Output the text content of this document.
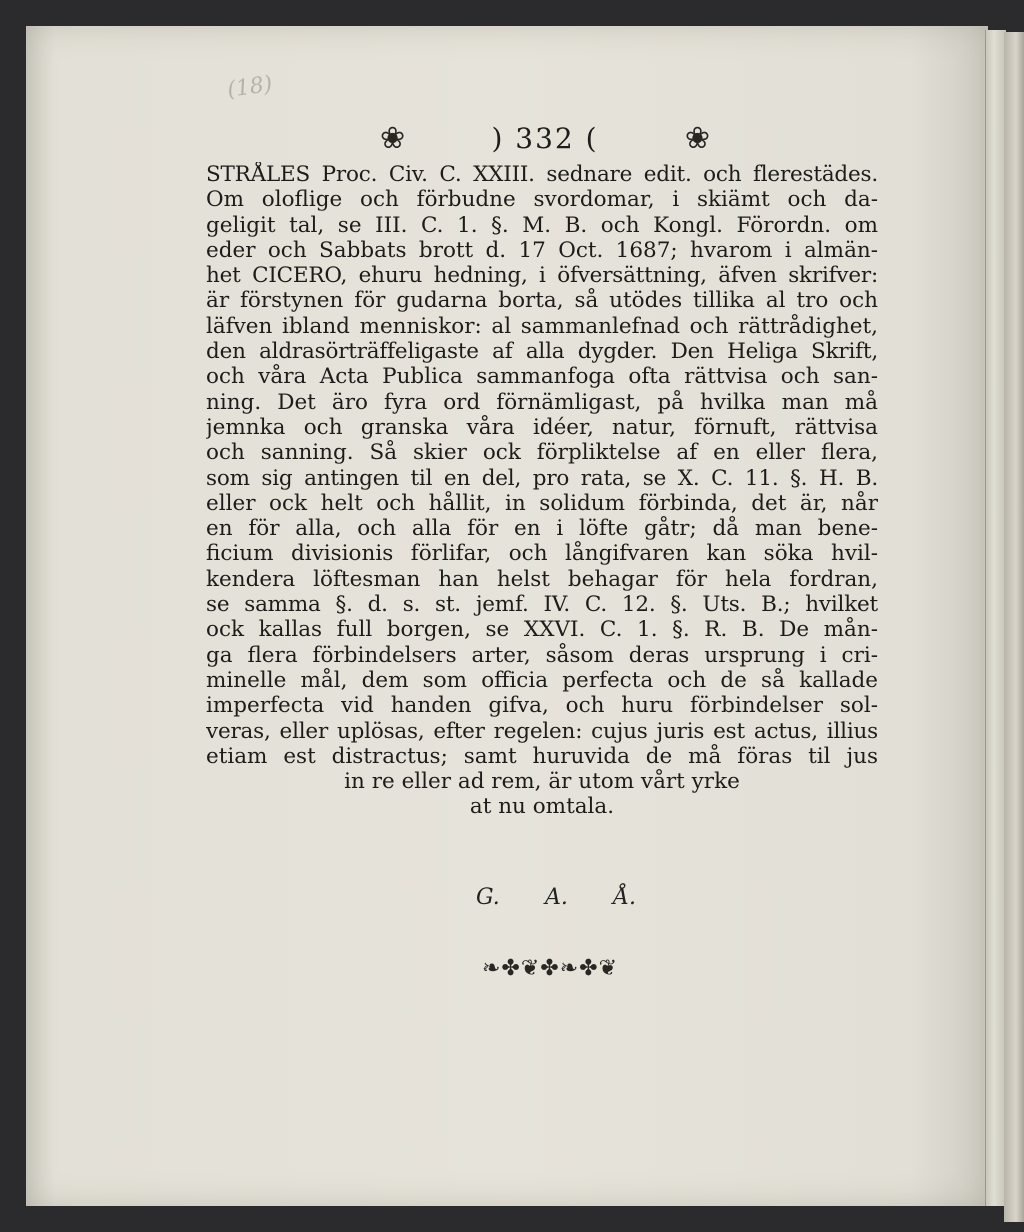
(18)
❀	) 332 (	❀
STRÅLES Proc. Civ. C. XXIII. sednare edit. och flerestädes.
Om oloflige och förbudne svordomar, i skiämt och da-
geligit tal, se III. C. 1. §. M. B. och Kongl. Förordn. om
eder och Sabbats brott d. 17 Oct. 1687; hvarom i almän-
het CICERO, ehuru hedning, i öfversättning, äfven skrifver:
är förstynen för gudarna borta, så utödes tillika al tro och
läfven ibland menniskor: al sammanlefnad och rättrådighet,
den aldrasörträffeligaste af alla dygder. Den Heliga Skrift,
och våra Acta Publica sammanfoga ofta rättvisa och san-
ning. Det äro fyra ord förnämligast, på hvilka man må
jemnka och granska våra idéer, natur, förnuft, rättvisa
och sanning. Så skier ock förpliktelse af en eller flera,
som sig antingen til en del, pro rata, se X. C. 11. §. H. B.
eller ock helt och hållit, in solidum förbinda, det är, når
en för alla, och alla för en i löfte gåtr; då man bene-
ficium divisionis förlifar, och långifvaren kan söka hvil-
kendera löftesman han helst behagar för hela fordran,
se samma §. d. s. st. jemf. IV. C. 12. §. Uts. B.; hvilket
ock kallas full borgen, se XXVI. C. 1. §. R. B. De mån-
ga flera förbindelsers arter, såsom deras ursprung i cri-
minelle mål, dem som officia perfecta och de så kallade
imperfecta vid handen gifva, och huru förbindelser sol-
veras, eller uplösas, efter regelen: cujus juris est actus, illius
etiam est distractus; samt huruvida de må föras til jus
in re eller ad rem, är utom vårt yrke
at nu omtala.
G. A. Å.
❧✤❦✤❧✤❦
